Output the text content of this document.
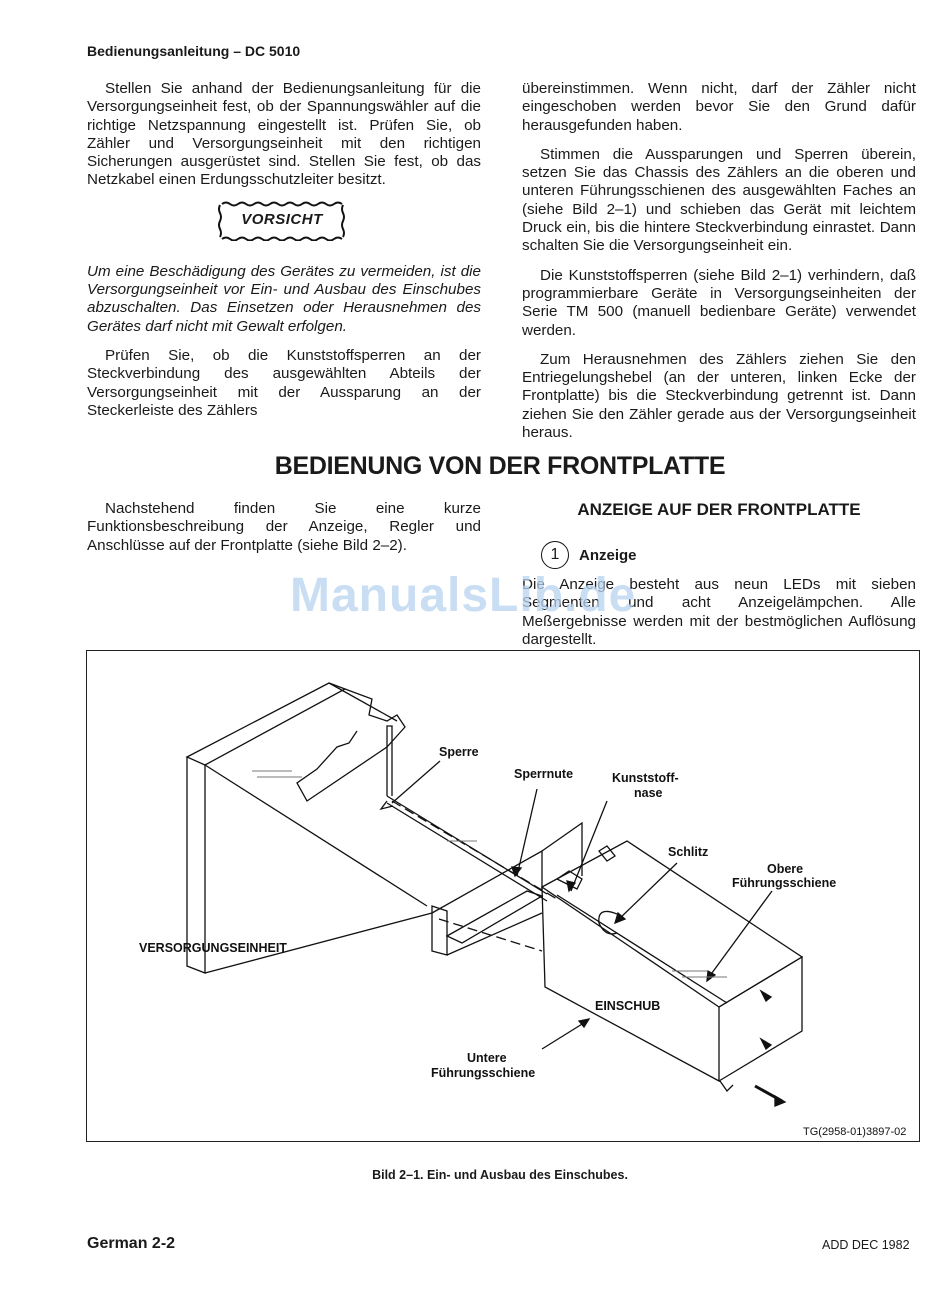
Bedienungsanleitung – DC 5010

Stellen Sie anhand der Bedienungsanleitung für die Versorgungseinheit fest, ob der Spannungswähler auf die richtige Netzspannung eingestellt ist. Prüfen Sie, ob Zähler und Versorgungseinheit mit den richtigen Sicherungen ausgerüstet sind. Stellen Sie fest, ob das Netzkabel einen Erdungsschutzleiter besitzt.

Um eine Beschädigung des Gerätes zu vermeiden, ist die Versorgungseinheit vor Ein- und Ausbau des Einschubes abzuschalten. Das Einsetzen oder Herausnehmen des Gerätes darf nicht mit Gewalt erfolgen.

Prüfen Sie, ob die Kunststoffsperren an der Steckverbindung des ausgewählten Abteils der Versorgungseinheit mit der Aussparung an der Steckerleiste des Zählers

VORSICHT

übereinstimmen. Wenn nicht, darf der Zähler nicht eingeschoben werden bevor Sie den Grund dafür herausgefunden haben.

Stimmen die Aussparungen und Sperren überein, setzen Sie das Chassis des Zählers an die oberen und unteren Führungsschienen des ausgewählten Faches an (siehe Bild 2–1) und schieben das Gerät mit leichtem Druck ein, bis die hintere Steckverbindung einrastet. Dann schalten Sie die Versorgungseinheit ein.

Die Kunststoffsperren (siehe Bild 2–1) verhindern, daß programmierbare Geräte in Versorgungseinheiten der Serie TM 500 (manuell bedienbare Geräte) verwendet werden.

Zum Herausnehmen des Zählers ziehen Sie den Entriegelungshebel (an der unteren, linken Ecke der Frontplatte) bis die Steckverbindung getrennt ist. Dann ziehen Sie den Zähler gerade aus der Versorgungseinheit heraus.

BEDIENUNG VON DER FRONTPLATTE

Nachstehend finden Sie eine kurze Funktionsbeschreibung der Anzeige, Regler und Anschlüsse auf der Frontplatte (siehe Bild 2–2).

ANZEIGE AUF DER FRONTPLATTE
1	Anzeige
Die Anzeige besteht aus neun LEDs mit sieben Segmenten und acht Anzeigelämpchen. Alle Meßergebnisse werden mit der bestmöglichen Auflösung dargestellt.
ManualsLib.de
Sperre
Sperrnute	Kunststoff-
nase
Schlitz
Obere
Führungsschiene
VERSORGUNGSEINHEIT
EINSCHUB
Untere
Führungsschiene
TG(2958-01)3897-02
Bild 2–1. Ein- und Ausbau des Einschubes.
German 2-2	ADD DEC 1982
